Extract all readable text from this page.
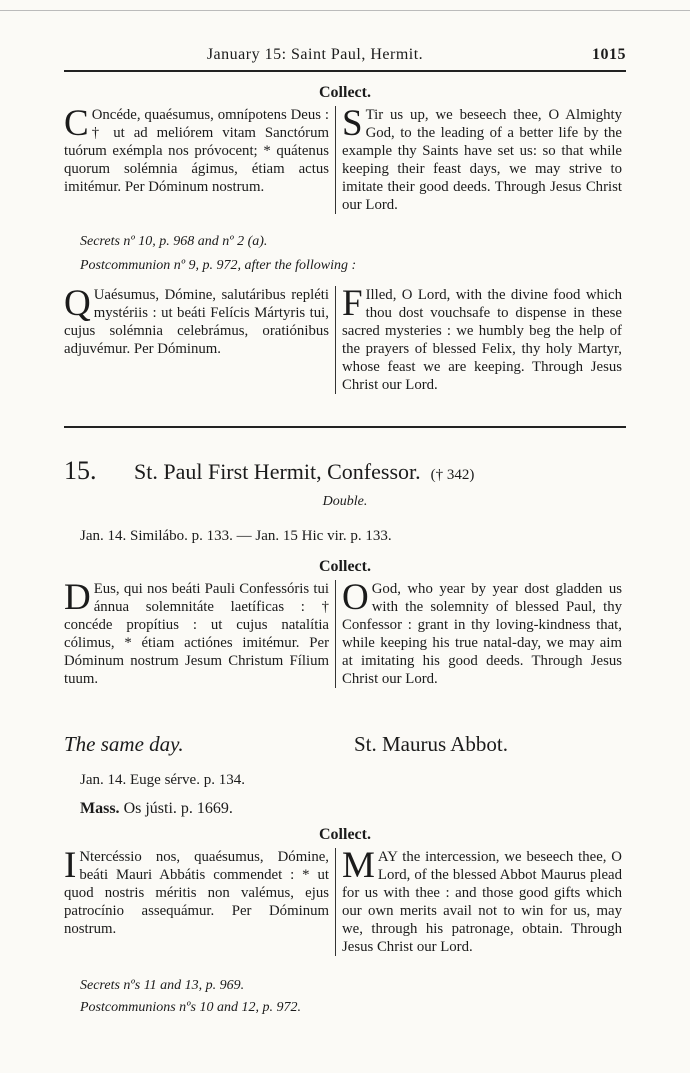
January 15: Saint Paul, Hermit.	1015
Collect.
C Oncéde, quaésumus, omnípotens Deus : † ut ad meliórem vitam Sanctórum tuórum exémpla nos próvocent; * quátenus quorum solémnia ágimus, étiam actus imitémur. Per Dóminum nostrum.
S Tir us up, we beseech thee, O Almighty God, to the leading of a better life by the example thy Saints have set us: so that while keeping their feast days, we may strive to imitate their good deeds. Through Jesus Christ our Lord.
Secrets nº 10, p. 968 and nº 2 (a).
Postcommunion nº 9, p. 972, after the following :
Q Uaésumus, Dómine, salutáribus repléti mystériis : ut beáti Felícis Mártyris tui, cujus solémnia celebrámus, oratiónibus adjuvémur. Per Dóminum.
F Illed, O Lord, with the divine food which thou dost vouchsafe to dispense in these sacred mysteries : we humbly beg the help of the prayers of blessed Felix, thy holy Martyr, whose feast we are keeping. Through Jesus Christ our Lord.
15.	St. Paul First Hermit, Confessor. († 342)
Double.
Jan. 14. Similábo. p. 133. — Jan. 15 Hic vir. p. 133.
Collect.
D Eus, qui nos beáti Pauli Confessóris tui ánnua solemnitáte laetíficas : † concéde propítius : ut cujus natalítia cólimus, * étiam actiónes imitémur. Per Dóminum nostrum Jesum Christum Fílium tuum.
O God, who year by year dost gladden us with the solemnity of blessed Paul, thy Confessor : grant in thy loving-kindness that, while keeping his true natal-day, we may aim at imitating his good deeds. Through Jesus Christ our Lord.
The same day.	St. Maurus Abbot.
Jan. 14. Euge sérve. p. 134.
Mass. Os jústi. p. 1669.
Collect.
I Ntercéssio nos, quaésumus, Dómine, beáti Mauri Abbátis commendet : * ut quod nostris méritis non valémus, ejus patrocínio assequámur. Per Dóminum nostrum.
M AY the intercession, we beseech thee, O Lord, of the blessed Abbot Maurus plead for us with thee : and those good gifts which our own merits avail not to win for us, may we, through his patronage, obtain. Through Jesus Christ our Lord.
Secrets nºs 11 and 13, p. 969.
Postcommunions nºs 10 and 12, p. 972.
